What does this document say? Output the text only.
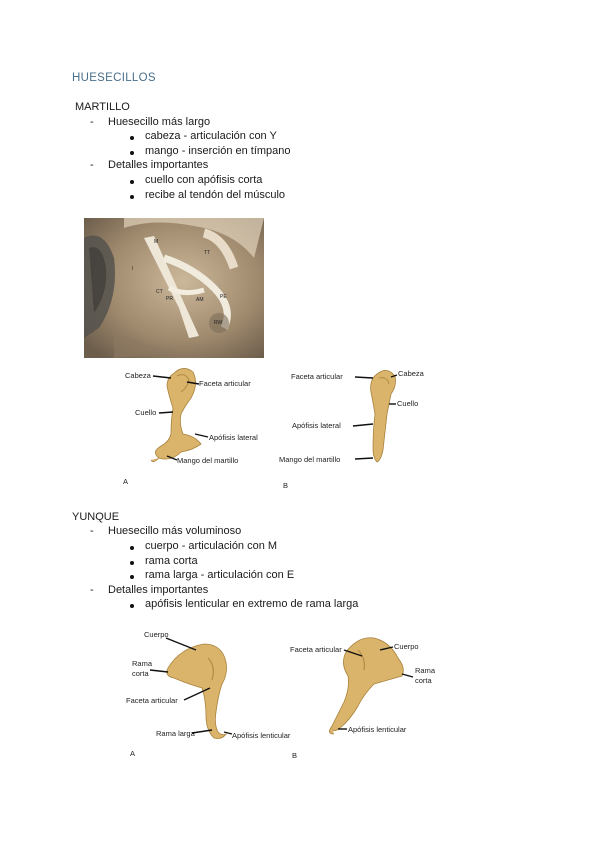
HUESECILLOS
MARTILLO
- Huesecillo más largo
cabeza - articulación con Y
mango - inserción en tímpano
- Detalles importantes
cuello con apófisis corta
recibe al tendón del músculo
M
TT
I
CT
PR	AM	PE
RW
Cabeza
Faceta articular
Cuello
Apófisis lateral
Mango del martillo
A
Faceta articular	Cabeza
Cuello
Apófisis lateral
Mango del martillo
B
YUNQUE
- Huesecillo más voluminoso
cuerpo - articulación con M
rama corta
rama larga - articulación con E
- Detalles importantes
apófisis lenticular en extremo de rama larga
Cuerpo
Rama
corta
Faceta articular
Rama larga	Apófisis lenticular
A
Faceta articular	Cuerpo
Rama
corta
Apófisis lenticular
B
